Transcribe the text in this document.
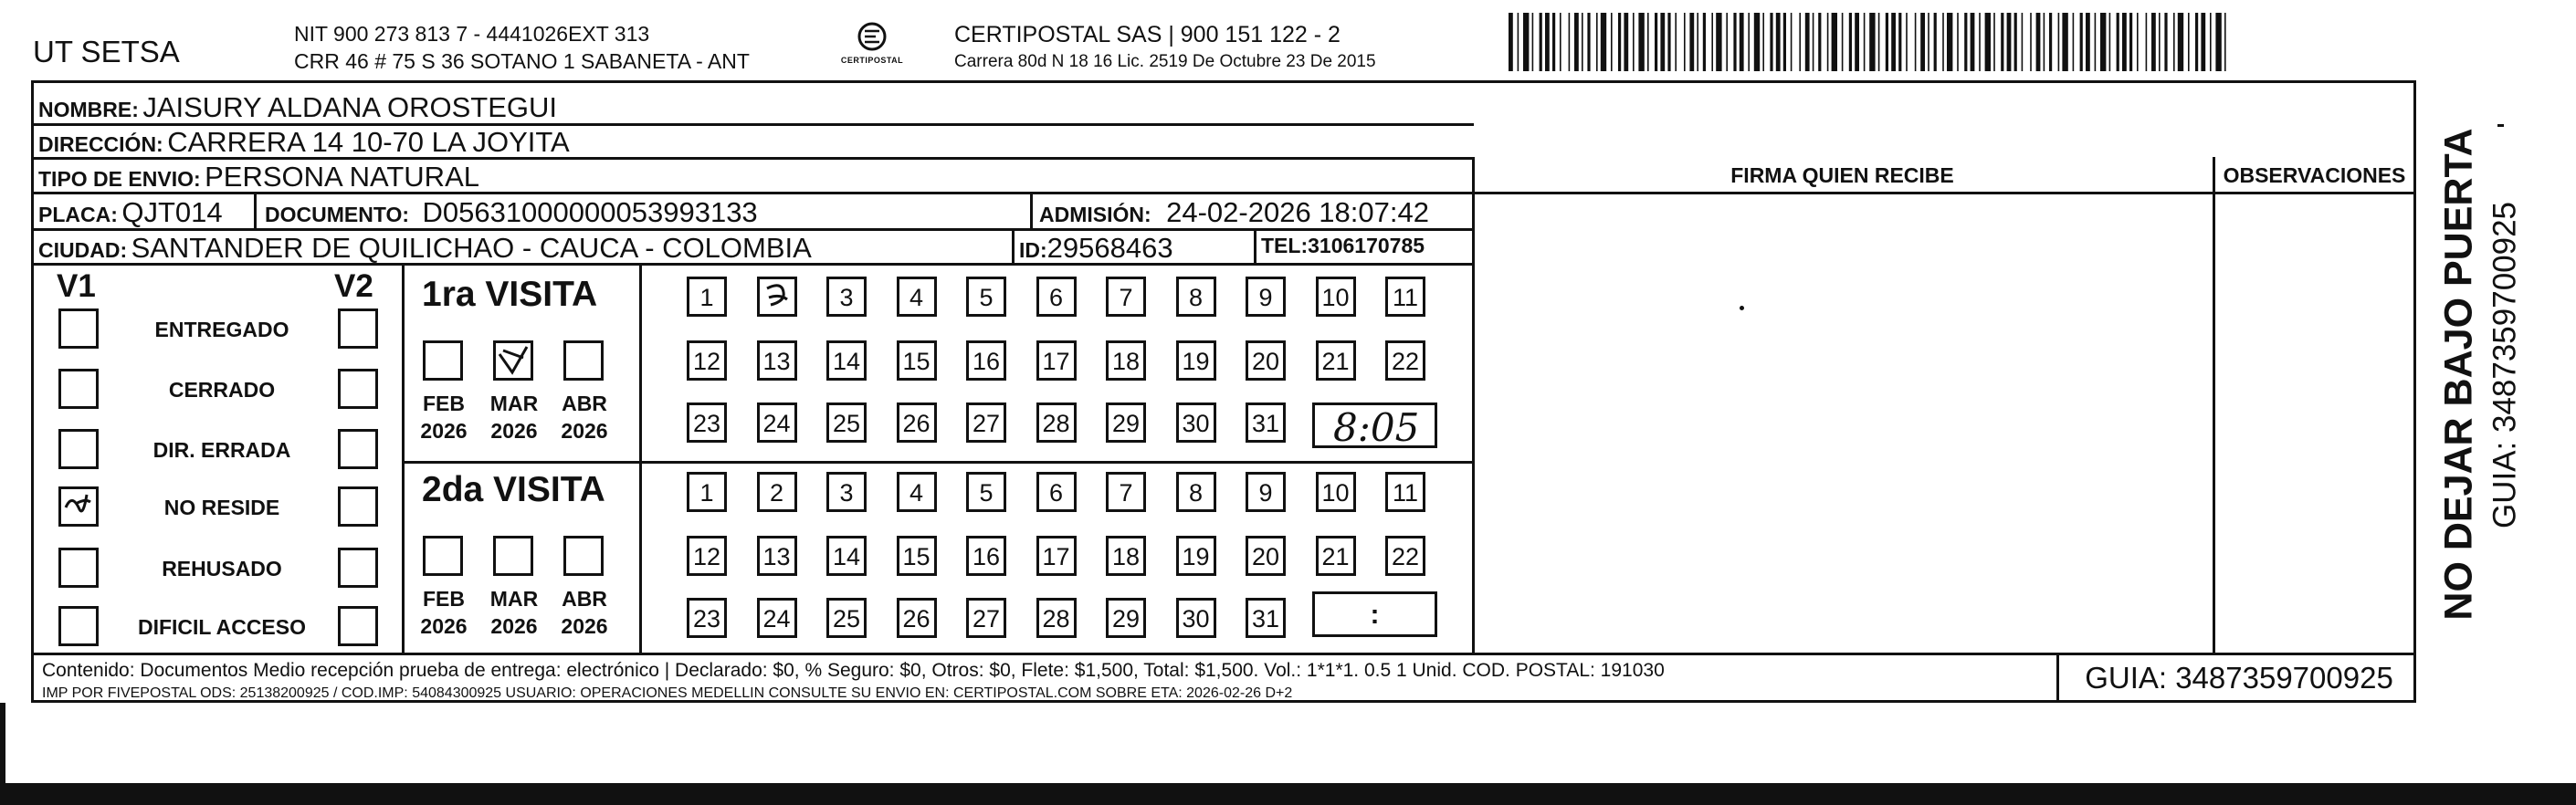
UT SETSA
NIT 900 273 813 7 - 4441026EXT 313
CRR 46 # 75 S 36 SOTANO 1 SABANETA - ANT	CERTIPOSTAL
CERTIPOSTAL SAS | 900 151 122 - 2
Carrera 80d N 18 16 Lic. 2519 De Octubre 23 De 2015
NOMBRE: JAISURY ALDANA OROSTEGUI
DIRECCIÓN: CARRERA 14 10-70 LA JOYITA
TIPO DE ENVIO: PERSONA NATURAL	FIRMA QUIEN RECIBE	OBSERVACIONES
PLACA: QJT014 DOCUMENTO: D05631000000053993133	ADMISIÓN: 24-02-2026 18:07:42
CIUDAD: SANTANDER DE QUILICHAO - CAUCA - COLOMBIA	ID:29568463	TEL:3106170785
V1	V2
ENTREGADO
CERRADO
DIR. ERRADA
NO RESIDE
REHUSADO
DIFICIL ACCESO
1ra VISITA
FEB
2026
MAR
2026
ABR
2026
2da VISITA
FEB
2026
MAR
2026
ABR
2026
1	3	4	5	6	7	8	9	10 11
12 13 14 15 16 17 18 19 20 21 22
23 24 25 26 27 28 29 30 31
1	2	3	4	5	6	7	8	9	10 11
12 13 14 15 16 17 18 19 20 21 22
23 24 25 26 27 28 29 30 31
8:05
:
Contenido: Documentos Medio recepción prueba de entrega: electrónico | Declarado: $0, % Seguro: $0, Otros: $0, Flete: $1,500, Total: $1,500. Vol.: 1*1*1. 0.5 1 Unid. COD. POSTAL: 191030
IMP POR FIVEPOSTAL ODS: 25138200925 / COD.IMP: 54084300925 USUARIO: OPERACIONES MEDELLIN CONSULTE SU ENVIO EN: CERTIPOSTAL.COM SOBRE ETA: 2026-02-26 D+2	GUIA: 3487359700925
NO DEJAR BAJO PUERTA GUIA: 3487359700925
